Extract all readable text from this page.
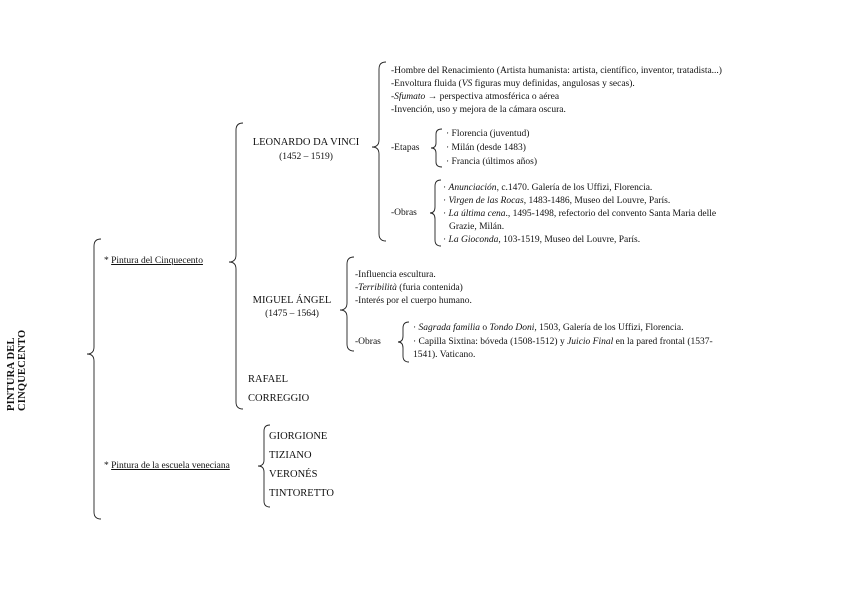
PINTURA DEL CINQUECENTO
* Pintura del Cinquecento
* Pintura de la escuela veneciana
LEONARDO DA VINCI
(1452 – 1519)
-Hombre del Renacimiento (Artista humanista: artista, científico, inventor, tratadista...)
-Envoltura fluida (VS figuras muy definidas, angulosas y secas).
-Sfumato → perspectiva atmosférica o aérea
-Invención, uso y mejora de la cámara oscura.
-Etapas
· Florencia (juventud)
· Milán (desde 1483)
· Francia (últimos años)
-Obras
· Anunciación, c.1470. Galería de los Uffizi, Florencia.
· Virgen de las Rocas, 1483-1486, Museo del Louvre, París.
· La última cena., 1495-1498, refectorio del convento Santa Maria delle
Grazie, Milán.
· La Gioconda, 103-1519, Museo del Louvre, París.
MIGUEL ÁNGEL
(1475 – 1564)
-Influencia escultura.
-Terribilità (furia contenida)
-Interés por el cuerpo humano.
-Obras
· Sagrada familia o Tondo Doni, 1503, Galería de los Uffizi, Florencia.
· Capilla Sixtina: bóveda (1508-1512) y Juicio Final en la pared frontal (1537-
1541). Vaticano.
RAFAEL
CORREGGIO
GIORGIONE
TIZIANO
VERONÉS
TINTORETTO
